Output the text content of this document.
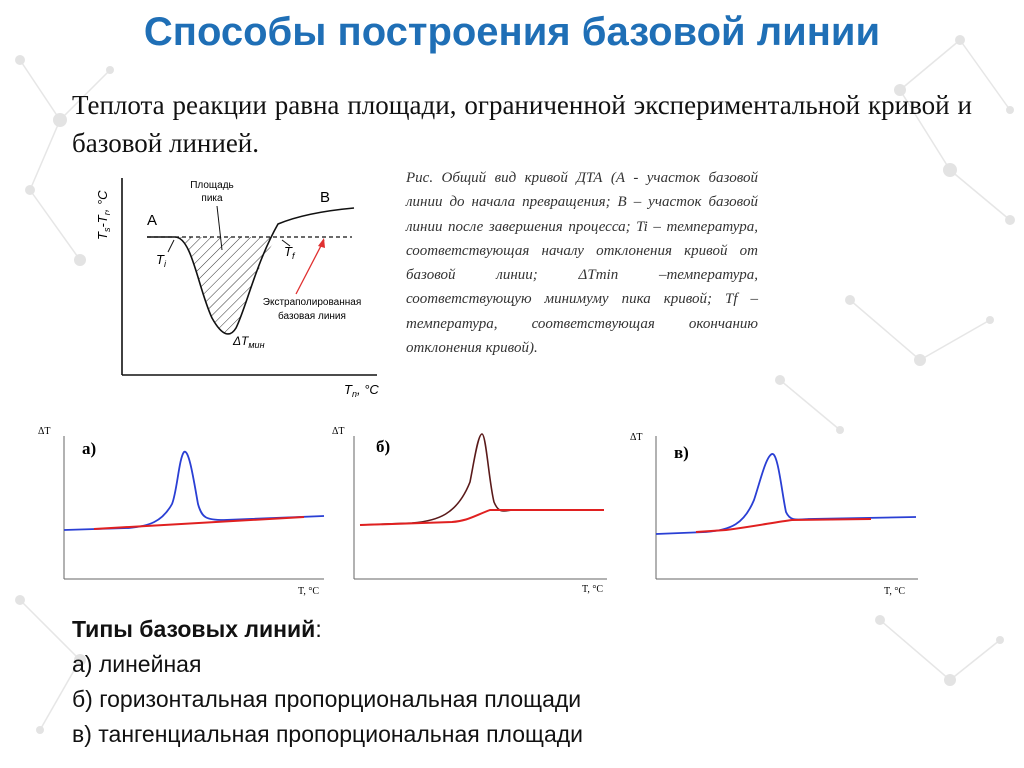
Способы построения базовой линии

Теплота реакции равна площади, ограниченной экспериментальной кривой и базовой линией.

A
B
Площадь
пика
$T_i$
$T_f$
Экстраполированная
базовая линия
$\Delta T_{мин}$
$T_s-T_r$, °C
$T_n$, °C

Рис. Общий вид кривой ДТА (А - участок базовой линии до начала превращения; В – участок базовой линии после завершения процесса; Ti – температура, соответствующая началу отклонения кривой от базовой линии; ΔTmin –температура, соответствующую минимуму пика кривой; Tf – температура, соответствующая окончанию отклонения кривой).

ΔT
а)
T, °C
ΔT
б)
T, °C
ΔT
в)
T, °C
Типы базовых линий:
а) линейная
б) горизонтальная пропорциональная площади
в) тангенциальная пропорциональная площади
